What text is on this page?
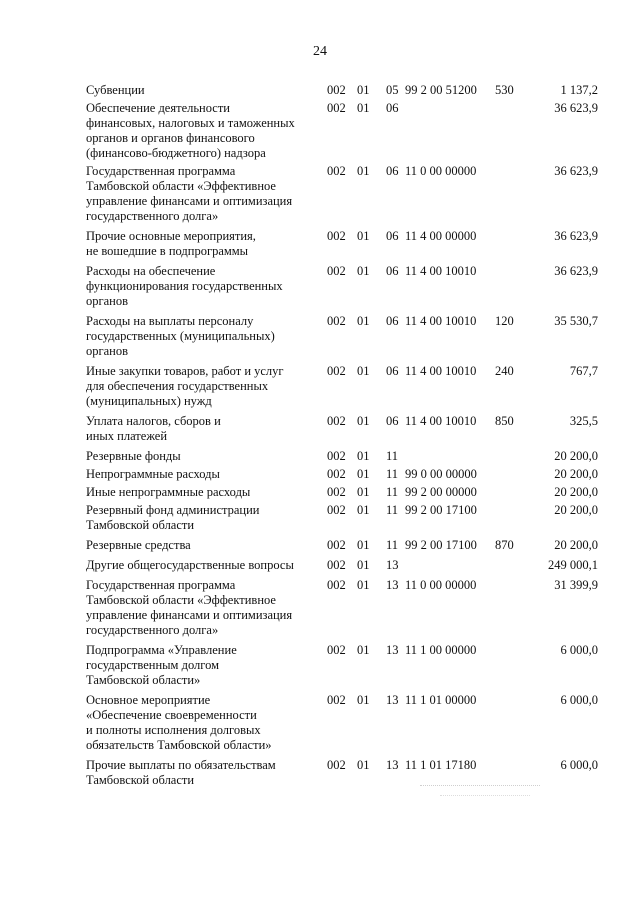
24
Субвенции	002 01 05 99 2 00 51200 530	1 137,2
Обеспечение деятельности
финансовых, налоговых и таможенных
органов и органов финансового
(финансово-бюджетного) надзора
002 01 06	36 623,9
Государственная программа
Тамбовской области «Эффективное
управление финансами и оптимизация
государственного долга»
002 01 06 11 0 00 00000	36 623,9
Прочие основные мероприятия,
не вошедшие в подпрограммы
002 01 06 11 4 00 00000	36 623,9
Расходы на обеспечение
функционирования государственных
органов
002 01 06 11 4 00 10010	36 623,9
Расходы на выплаты персоналу
государственных (муниципальных)
органов
002 01 06 11 4 00 10010 120	35 530,7
Иные закупки товаров, работ и услуг
для обеспечения государственных
(муниципальных) нужд
002 01 06 11 4 00 10010 240	767,7
Уплата налогов, сборов и
иных платежей
002 01 06 11 4 00 10010 850	325,5
Резервные фонды	002 01 11	20 200,0
Непрограммные расходы	002 01 11 99 0 00 00000	20 200,0
Иные непрограммные расходы	002 01 11 99 2 00 00000	20 200,0
Резервный фонд администрации
Тамбовской области
002 01 11 99 2 00 17100	20 200,0
Резервные средства	002 01 11 99 2 00 17100 870	20 200,0
Другие общегосударственные вопросы	002 01 13	249 000,1
Государственная программа
Тамбовской области «Эффективное
управление финансами и оптимизация
государственного долга»
002 01 13 11 0 00 00000	31 399,9
Подпрограмма «Управление
государственным долгом
Тамбовской области»
002 01 13 11 1 00 00000	6 000,0
Основное мероприятие
«Обеспечение своевременности
и полноты исполнения долговых
обязательств Тамбовской области»
002 01 13 11 1 01 00000	6 000,0
Прочие выплаты по обязательствам
Тамбовской области
002 01 13 11 1 01 17180	6 000,0
